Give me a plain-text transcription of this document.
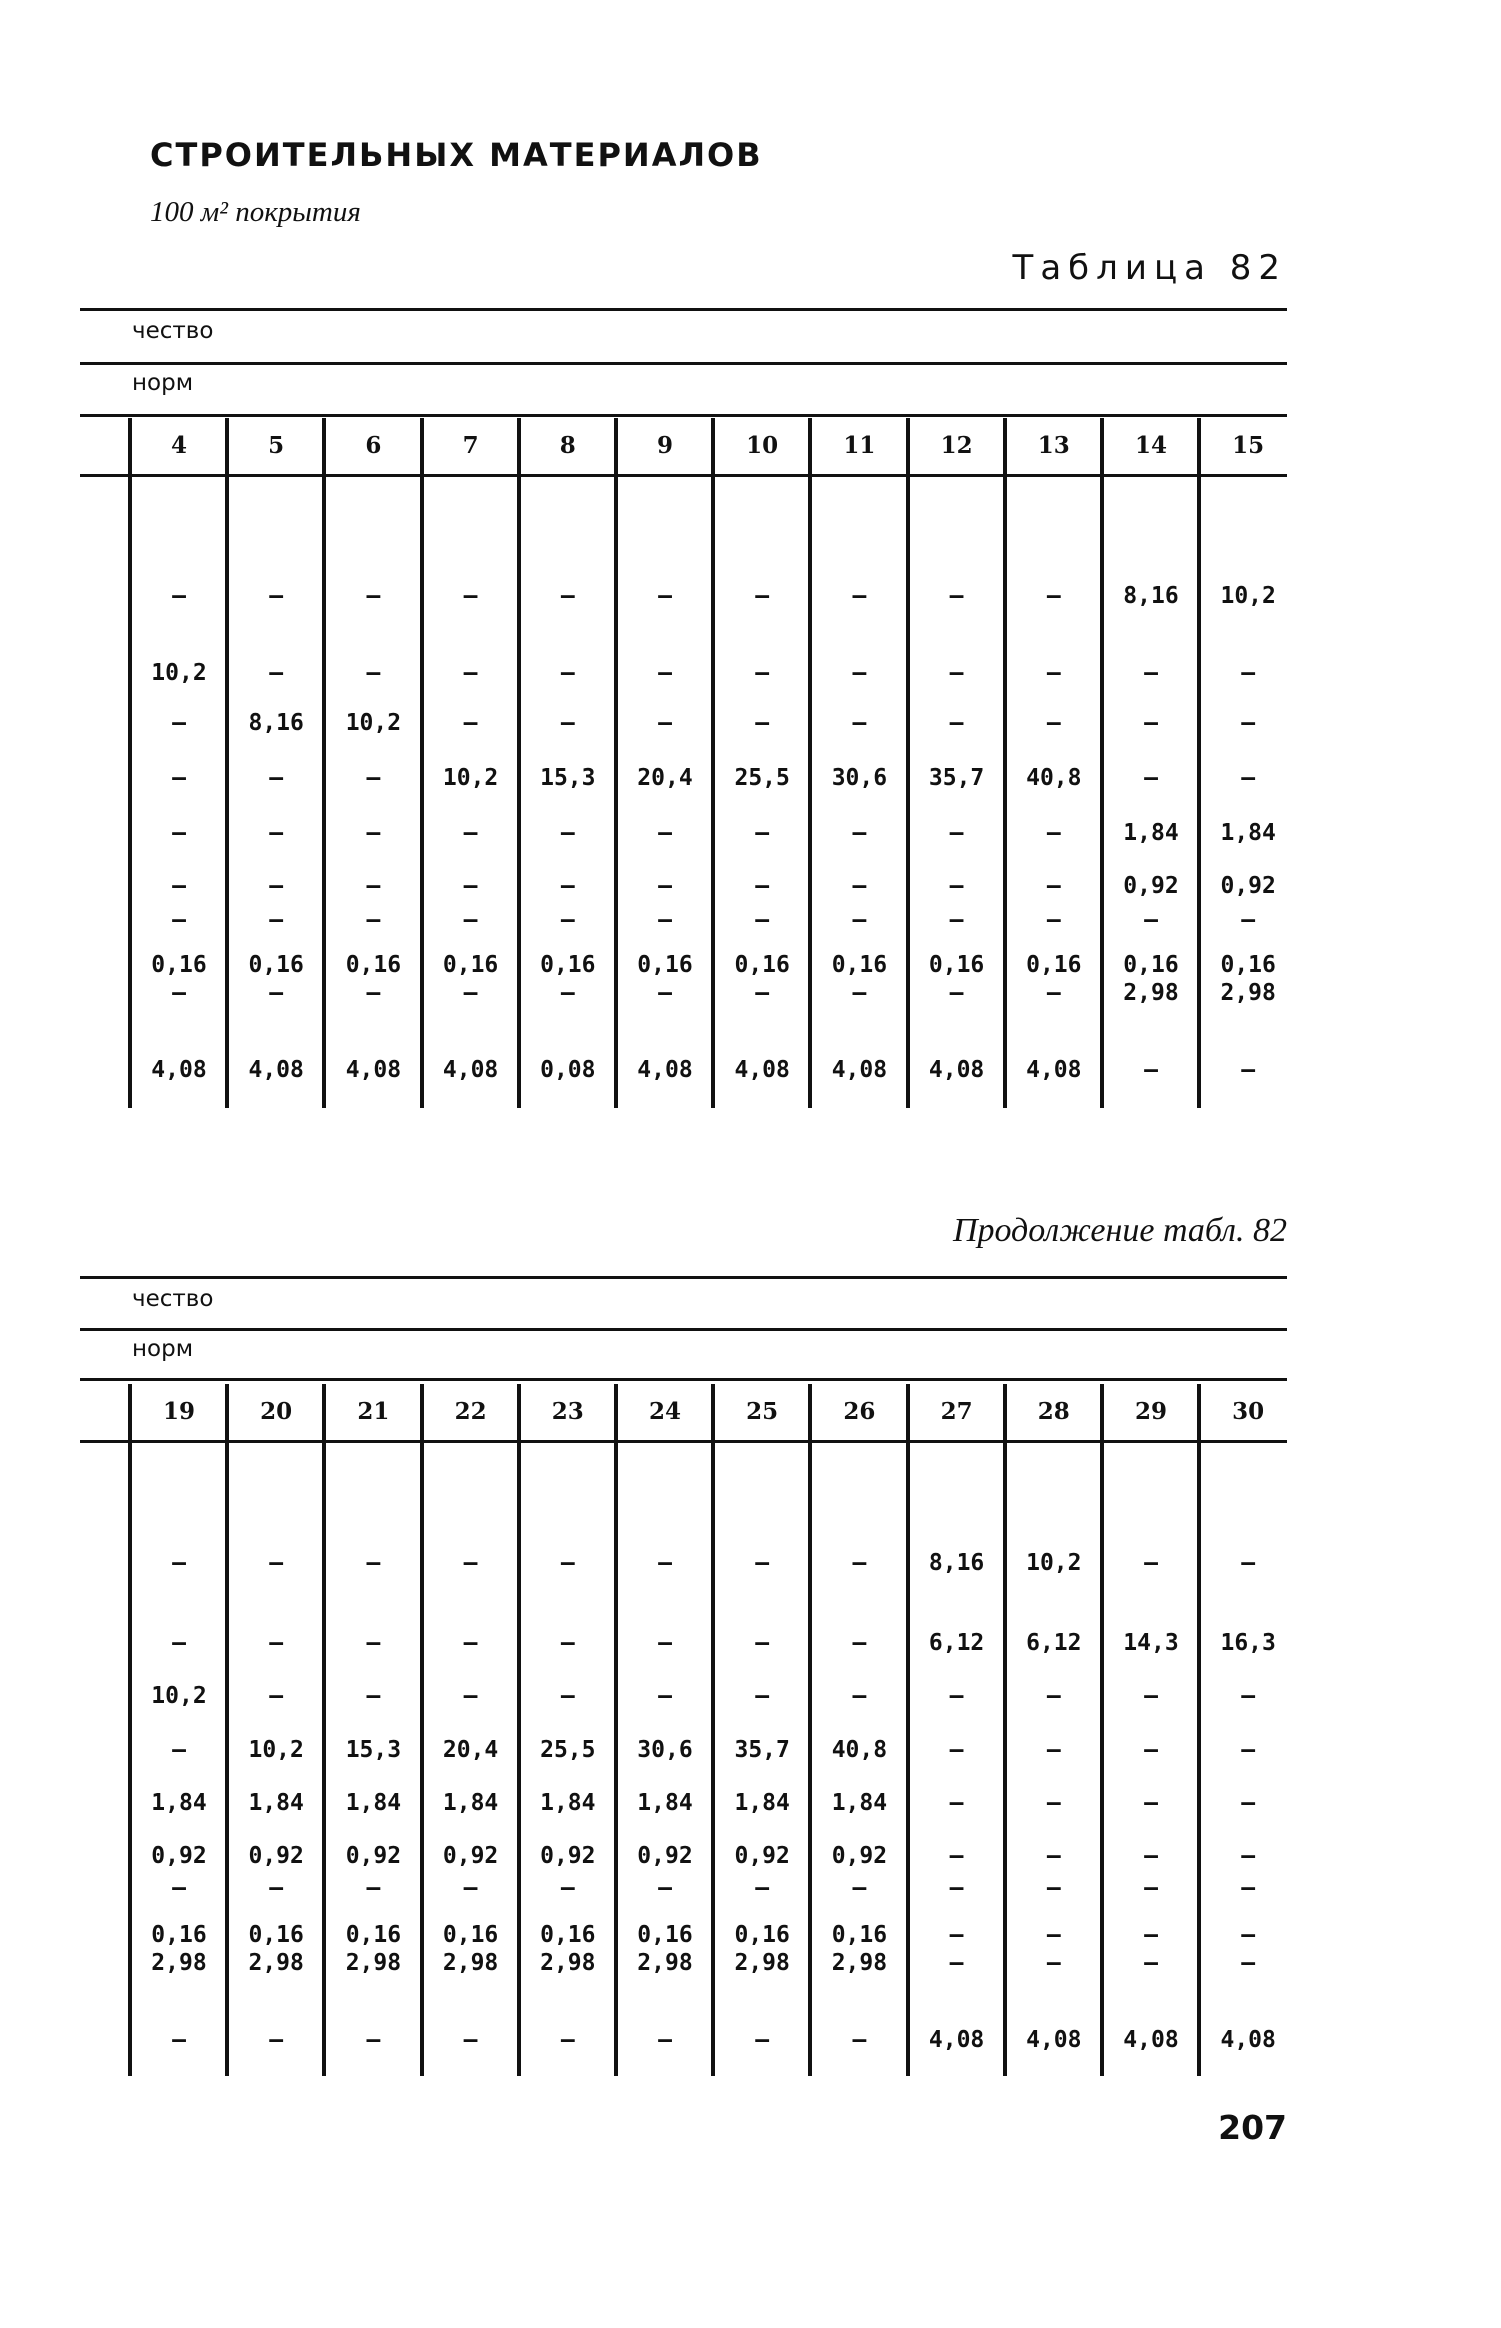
СТРОИТЕЛЬНЫХ МАТЕРИАЛОВ
100 м² покрытия
Таблица 82
Продолжение табл. 82
207
чество
норм
4	5	6	7	8	9	10	11	12	13	14	15
—	—	—	—	—	—	—	—	—	—	8,16	10,2
10,2	—	—	—	—	—	—	—	—	—	—	—
—	8,16	10,2	—	—	—	—	—	—	—	—	—
—	—	—	10,2	15,3	20,4	25,5	30,6	35,7	40,8	—	—
—	—	—	—	—	—	—	—	—	—	1,84	1,84
—	—	—	—	—	—	—	—	—	—	0,92	0,92
—	—	—	—	—	—	—	—	—	—	—	—
0,16	0,16	0,16	0,16	0,16	0,16	0,16	0,16	0,16	0,16	0,16	0,16
—	—	—	—	—	—	—	—	—	—	2,98	2,98
4,08	4,08	4,08	4,08	0,08	4,08	4,08	4,08	4,08	4,08	—	—
чество
норм
19	20	21	22	23	24	25	26	27	28	29	30
—	—	—	—	—	—	—	—	8,16	10,2	—	—
—	—	—	—	—	—	—	—	6,12	6,12	14,3	16,3
10,2	—	—	—	—	—	—	—	—	—	—	—
—	10,2	15,3	20,4	25,5	30,6	35,7	40,8	—	—	—	—
1,84	1,84	1,84	1,84	1,84	1,84	1,84	1,84	—	—	—	—
0,92	0,92	0,92	0,92	0,92	0,92	0,92	0,92	—	—	—	—
—	—	—	—	—	—	—	—	—	—	—	—
0,16	0,16	0,16	0,16	0,16	0,16	0,16	0,16	—	—	—	—
2,98	2,98	2,98	2,98	2,98	2,98	2,98	2,98	—	—	—	—
—	—	—	—	—	—	—	—	4,08	4,08	4,08	4,08
